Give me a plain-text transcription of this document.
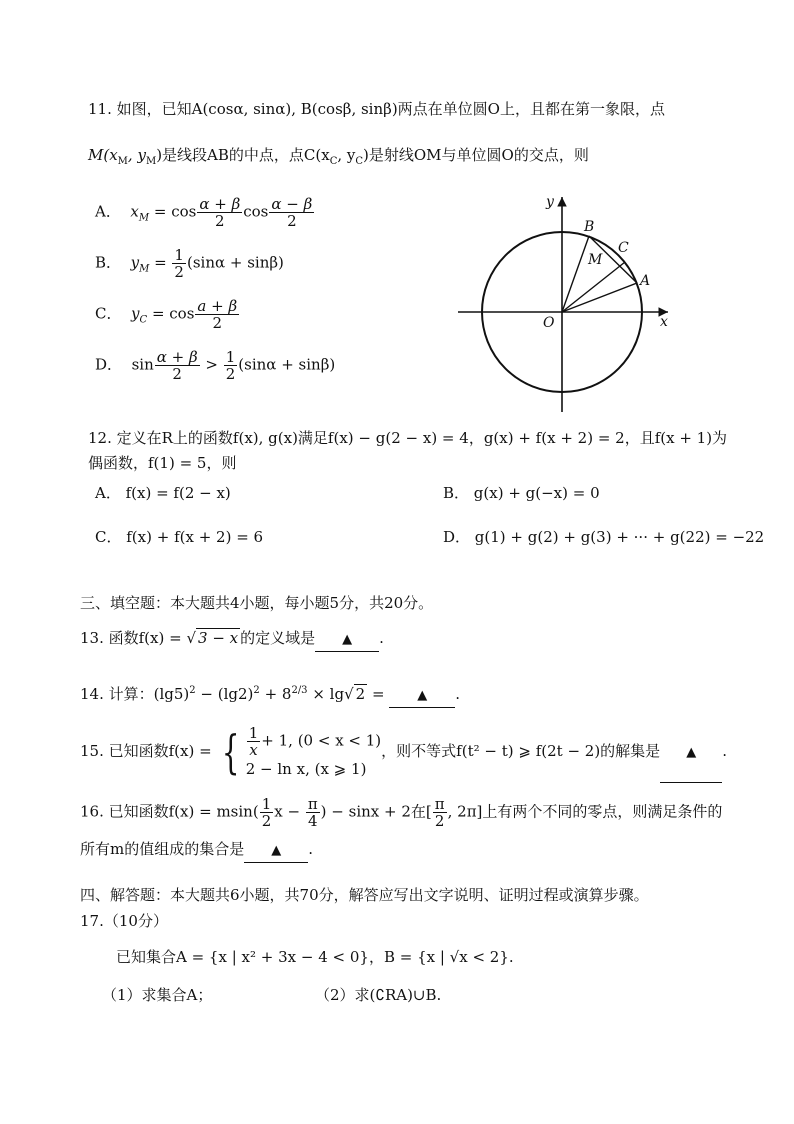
11. 如图，已知A(cosα, sinα), B(cosβ, sinβ)两点在单位圆O上，且都在第一象限，点
$M(x_M$, $y_M$)是线段AB的中点，点$C(x_C$, $y_C$)是射线OM与单位圆O的交点，则
A． $x_M = \cos \frac{\alpha + \beta}{2}$ $\cos \frac{\alpha - \beta}{2}$
B． $y_M = \frac{1}{2} (\sin\alpha + \sin\beta)$
C． $y_C = \cos \frac{a + \beta}{2}$
D． $\sin \frac{\alpha + \beta}{2} > \frac{1}{2} (\sin\alpha + \sin\beta)$
y
x
O
B
C
M
A
12. 定义在R上的函数f(x), g(x)满足f(x) − g(2 − x) = 4，g(x) + f(x + 2) = 2，且f(x + 1)为
偶函数，f(1) = 5，则
A． f(x) = f(2 − x)	B． g(x) + g(−x) = 0
C． f(x) + f(x + 2) = 6	D． g(1) + g(2) + g(3) + ··· + g(22) = −22
三、填空题：本大题共4小题，每小题5分，共20分。
13. 函数f(x) = √ 3 − x 的定义域是 ▲ .
14. 计算：$(\lg 5)^2 - (\lg 2)^2 + 8^{2/3} \times \lg√$ 2 = ▲ .
15. 已知函数f(x) = { $\frac{1}{x} + 1$, (0 < x < 1)
2 − ln x, (x ⩾ 1)
，则不等式f(t² − t) ⩾ f(2t − 2)的解集是 ▲ .
16. 已知函数$f(x) = msin( \frac{1}{2}$ $x - \frac{\pi}{4}$ ) − sinx + 2在[ $\frac{\pi}{2}$ , 2π]上有两个不同的零点，则满足条件的
所有m的值组成的集合是 ▲ .
四、解答题：本大题共6小题，共70分，解答应写出文字说明、证明过程或演算步骤。
17.（10分）
已知集合A = {x | x² + 3x − 4 < 0}，B = {x | √x < 2}.
（1）求集合A；	（2）求(∁RA)∪B.
